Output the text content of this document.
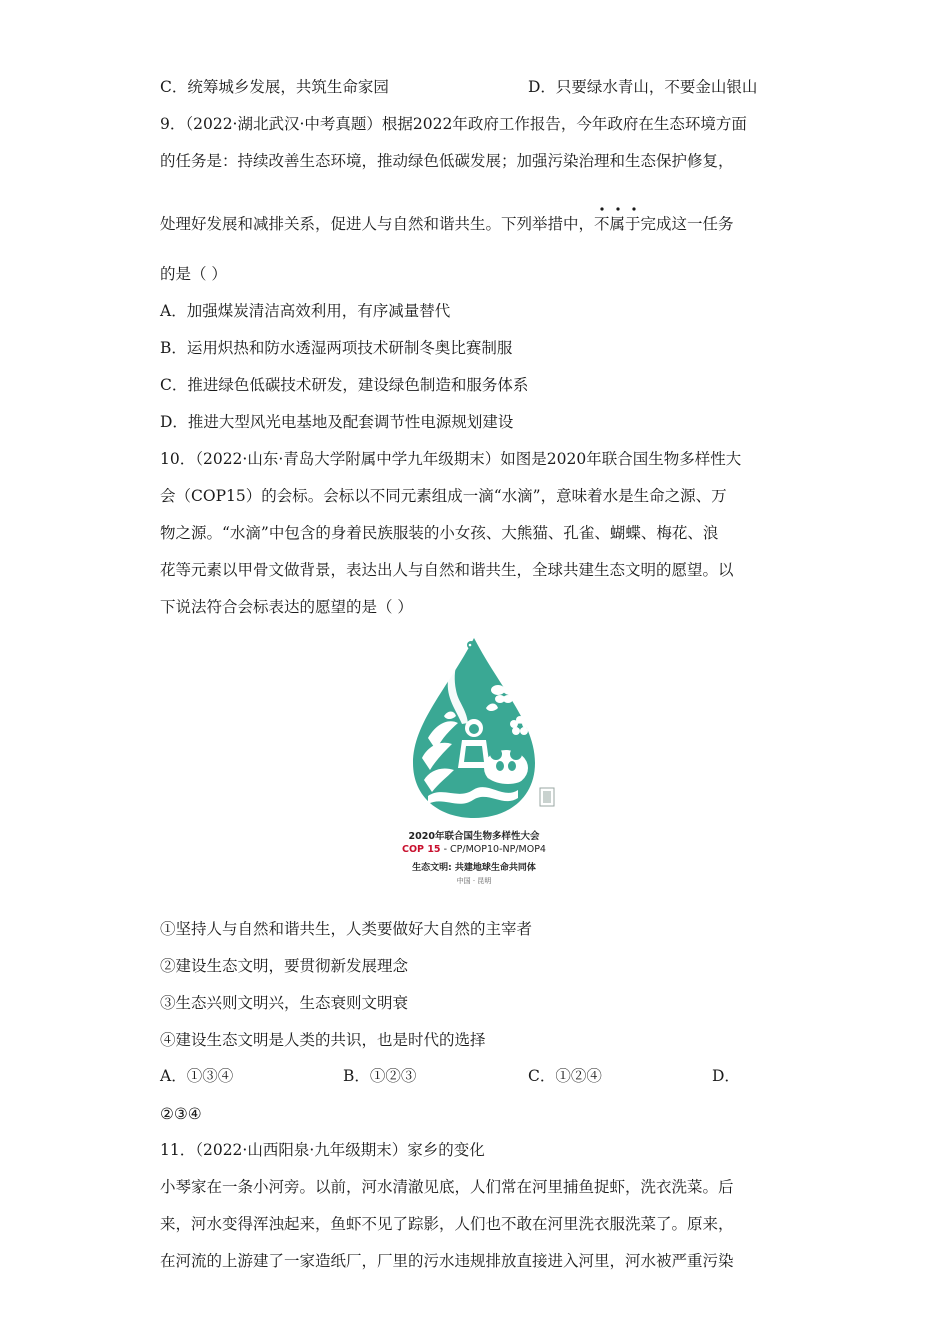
C．统筹城乡发展，共筑生命家园	D．只要绿水青山，不要金山银山
9．（2022·湖北武汉·中考真题）根据2022年政府工作报告，今年政府在生态环境方面
的任务是：持续改善生态环境，推动绿色低碳发展；加强污染治理和生态保护修复，
处理好发展和减排关系，促进人与自然和谐共生。下列举措中，
不属于完成这一任务
的是（ ）
A．加强煤炭清洁高效利用，有序减量替代
B．运用炽热和防水透湿两项技术研制冬奥比赛制服
C．推进绿色低碳技术研发，建设绿色制造和服务体系
D．推进大型风光电基地及配套调节性电源规划建设
10．（2022·山东·青岛大学附属中学九年级期末）如图是2020年联合国生物多样性大
会（COP15）的会标。会标以不同元素组成一滴“水滴”，意味着水是生命之源、万
物之源。“水滴”中包含的身着民族服装的小女孩、大熊猫、孔雀、蝴蝶、梅花、浪
花等元素以甲骨文做背景，表达出人与自然和谐共生，全球共建生态文明的愿望。以
下说法符合会标表达的愿望的是（ ）
2020年联合国生物多样性大会
COP 15 - CP/MOP10-NP/MOP4
生态文明: 共建地球生命共同体
中国 · 昆明
①坚持人与自然和谐共生，人类要做好大自然的主宰者
②建设生态文明，要贯彻新发展理念
③生态兴则文明兴，生态衰则文明衰
④建设生态文明是人类的共识，也是时代的选择
A．①③④	B．①②③	C．①②④	D．
②③④
11．（2022·山西阳泉·九年级期末）家乡的变化
小琴家在一条小河旁。以前，河水清澈见底，人们常在河里捕鱼捉虾，洗衣洗菜。后
来，河水变得浑浊起来，鱼虾不见了踪影，人们也不敢在河里洗衣服洗菜了。原来，
在河流的上游建了一家造纸厂，厂里的污水违规排放直接进入河里，河水被严重污染
